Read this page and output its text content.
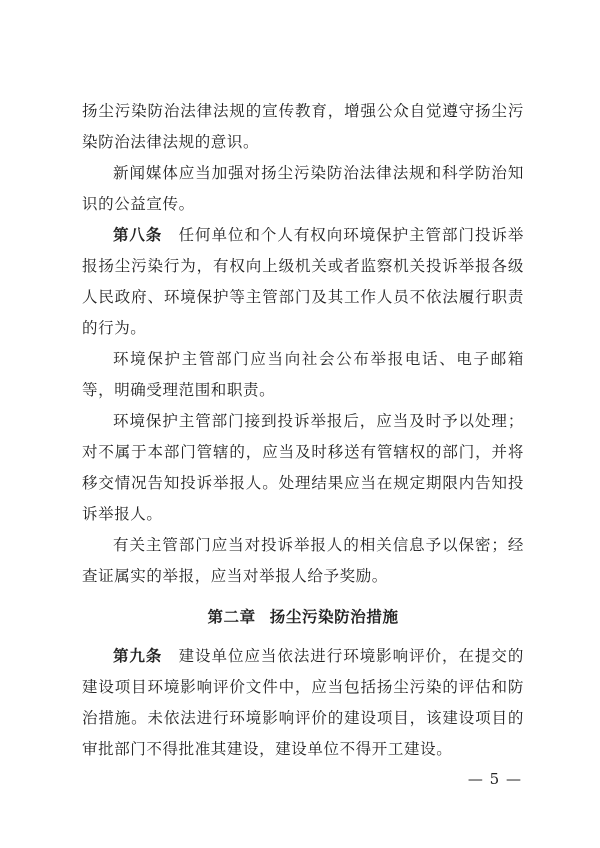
扬尘污染防治法律法规的宣传教育，增强公众自觉遵守扬尘污染防治法律法规的意识。

新闻媒体应当加强对扬尘污染防治法律法规和科学防治知识的公益宣传。

第八条　 任何单位和个人有权向环境保护主管部门投诉举报扬尘污染行为，有权向上级机关或者监察机关投诉举报各级人民政府、环境保护等主管部门及其工作人员不依法履行职责的行为。

环境保护主管部门应当向社会公布举报电话、电子邮箱等，明确受理范围和职责。

环境保护主管部门接到投诉举报后，应当及时予以处理；对不属于本部门管辖的，应当及时移送有管辖权的部门，并将移交情况告知投诉举报人。处理结果应当在规定期限内告知投诉举报人。

有关主管部门应当对投诉举报人的相关信息予以保密；经查证属实的举报，应当对举报人给予奖励。

第二章 扬尘污染防治措施

第九条　 建设单位应当依法进行环境影响评价，在提交的建设项目环境影响评价文件中，应当包括扬尘污染的评估和防治措施。未依法进行环境影响评价的建设项目，该建设项目的审批部门不得批准其建设，建设单位不得开工建设。

— 5 —
